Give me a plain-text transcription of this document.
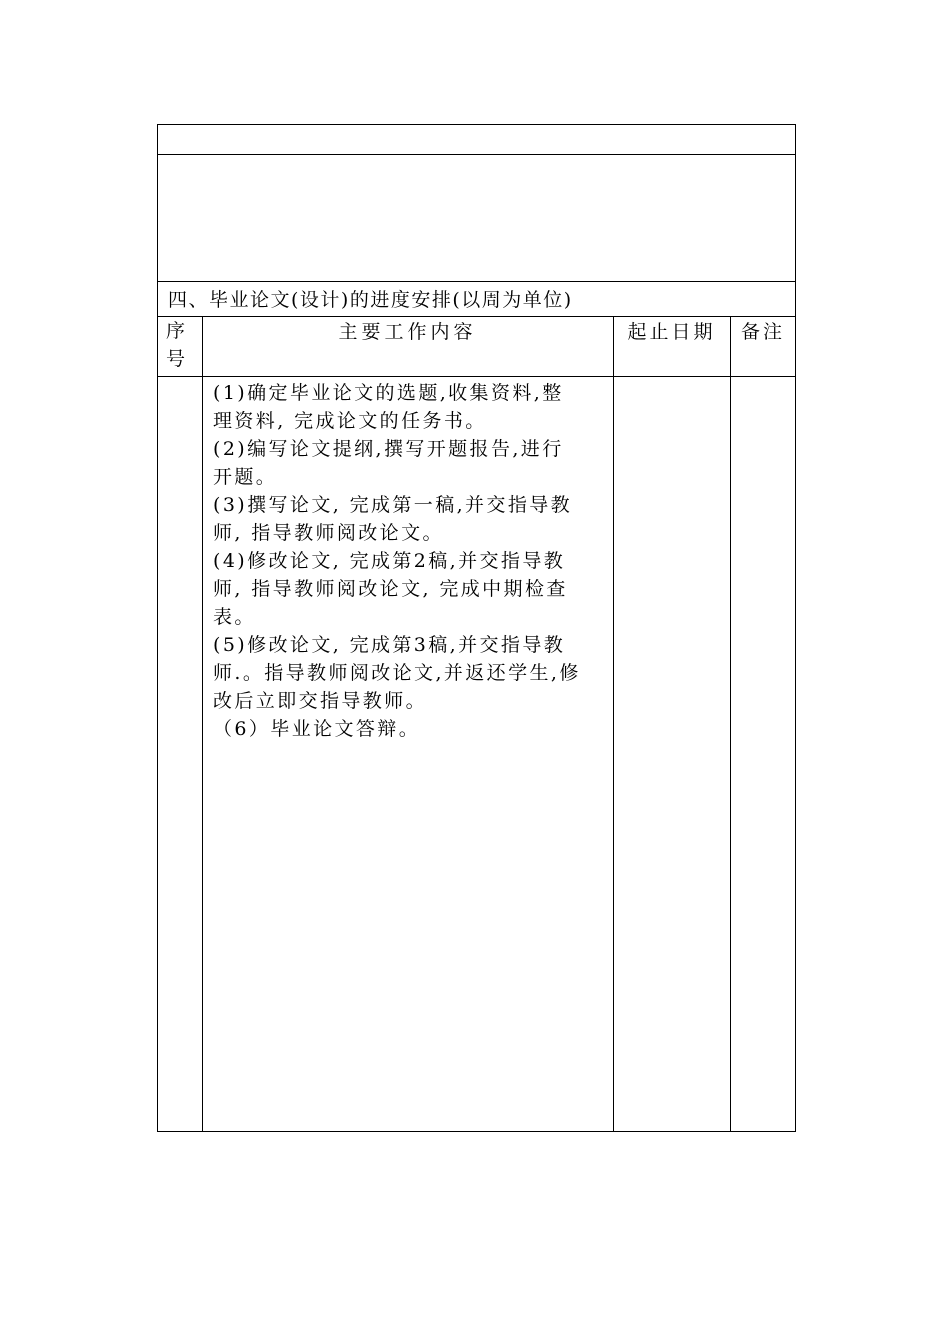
四、毕业论文(设计)的进度安排(以周为单位)
序号
主要工作内容	起止日期	备注

(1)确定毕业论文的选题,收集资料,整

理资料, 完成论文的任务书。

(2)编写论文提纲,撰写开题报告,进行

开题。

(3)撰写论文, 完成第一稿,并交指导教

师, 指导教师阅改论文。

(4)修改论文, 完成第2稿,并交指导教

师, 指导教师阅改论文, 完成中期检查

表。

(5)修改论文, 完成第3稿,并交指导教

师.。指导教师阅改论文,并返还学生,修

改后立即交指导教师。

（6）毕业论文答辩。
